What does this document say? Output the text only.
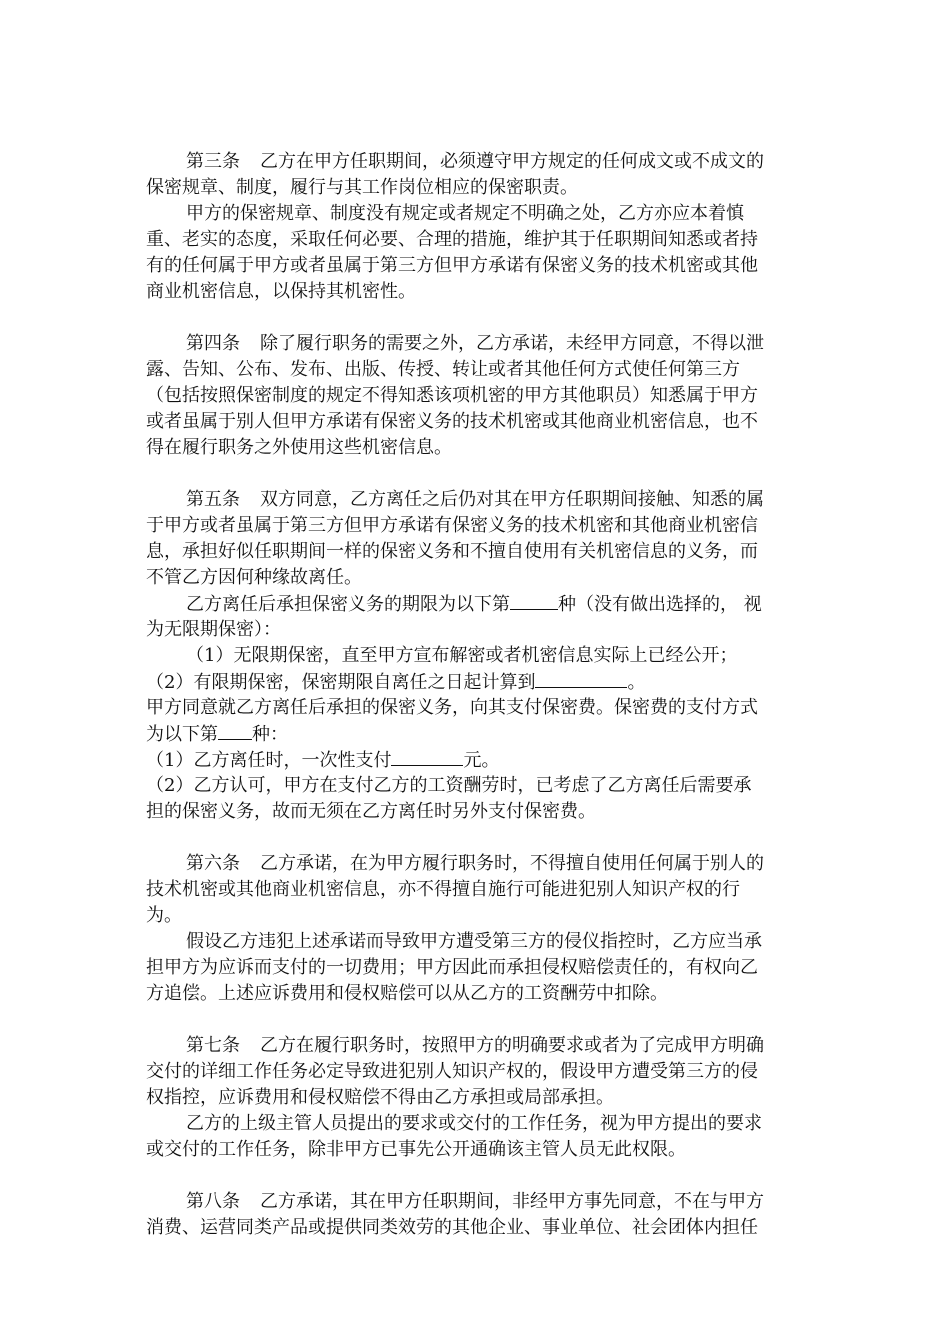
第三条 乙方在甲方任职期间，必须遵守甲方规定的任何成文或不成文的
保密规章、制度，履行与其工作岗位相应的保密职责。
甲方的保密规章、制度没有规定或者规定不明确之处，乙方亦应本着慎
重、老实的态度，采取任何必要、合理的措施，维护其于任职期间知悉或者持
有的任何属于甲方或者虽属于第三方但甲方承诺有保密义务的技术机密或其他
商业机密信息，以保持其机密性。
第四条 除了履行职务的需要之外，乙方承诺，未经甲方同意，不得以泄
露、告知、公布、发布、出版、传授、转让或者其他任何方式使任何第三方
（包括按照保密制度的规定不得知悉该项机密的甲方其他职员）知悉属于甲方
或者虽属于别人但甲方承诺有保密义务的技术机密或其他商业机密信息，也不
得在履行职务之外使用这些机密信息。
第五条 双方同意，乙方离任之后仍对其在甲方任职期间接触、知悉的属
于甲方或者虽属于第三方但甲方承诺有保密义务的技术机密和其他商业机密信
息，承担好似任职期间一样的保密义务和不擅自使用有关机密信息的义务，而
不管乙方因何种缘故离任。
乙方离任后承担保密义务的期限为以下第	种（没有做出选择的， 视
为无限期保密）：
（1）无限期保密，直至甲方宣布解密或者机密信息实际上已经公开；
（2）有限期保密，保密期限自离任之日起计算到	。
甲方同意就乙方离任后承担的保密义务，向其支付保密费。保密费的支付方式
为以下第 种：
（1）乙方离任时，一次性支付	元。
（2）乙方认可，甲方在支付乙方的工资酬劳时，已考虑了乙方离任后需要承
担的保密义务，故而无须在乙方离任时另外支付保密费。
第六条 乙方承诺，在为甲方履行职务时，不得擅自使用任何属于别人的
技术机密或其他商业机密信息，亦不得擅自施行可能进犯别人知识产权的行
为。
假设乙方违犯上述承诺而导致甲方遭受第三方的侵仪指控时，乙方应当承
担甲方为应诉而支付的一切费用；甲方因此而承担侵权赔偿责任的，有权向乙
方追偿。上述应诉费用和侵权赔偿可以从乙方的工资酬劳中扣除。
第七条 乙方在履行职务时，按照甲方的明确要求或者为了完成甲方明确
交付的详细工作任务必定导致进犯别人知识产权的，假设甲方遭受第三方的侵
权指控，应诉费用和侵权赔偿不得由乙方承担或局部承担。
乙方的上级主管人员提出的要求或交付的工作任务，视为甲方提出的要求
或交付的工作任务，除非甲方已事先公开通确该主管人员无此权限。
第八条 乙方承诺，其在甲方任职期间，非经甲方事先同意，不在与甲方
消费、运营同类产品或提供同类效劳的其他企业、事业单位、社会团体内担任
